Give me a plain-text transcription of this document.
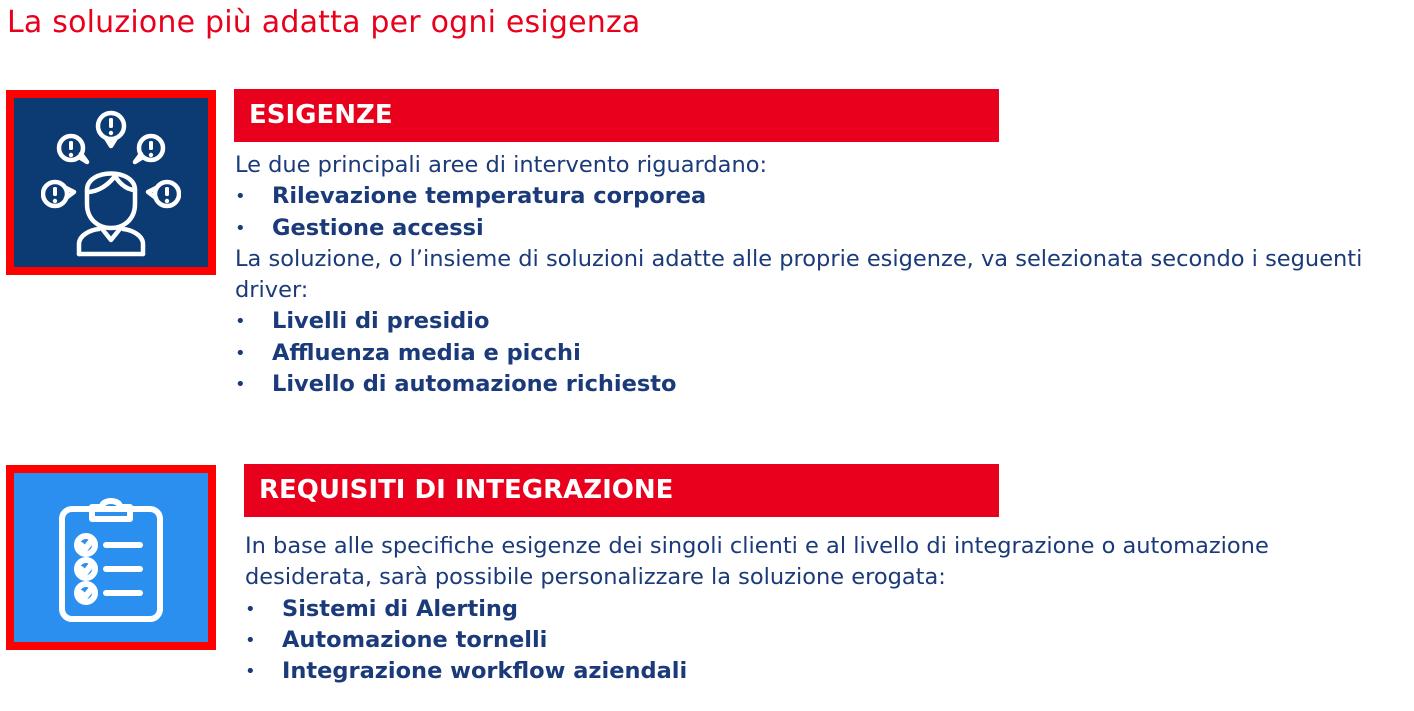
La soluzione più adatta per ogni esigenza
ESIGENZE

Le due principali aree di intervento riguardano:

• Rilevazione temperatura corporea
• Gestione accessi

La soluzione, o l’insieme di soluzioni adatte alle proprie esigenze, va selezionata secondo i seguenti driver:

• Livelli di presidio
• Affluenza media e picchi
• Livello di automazione richiesto
REQUISITI DI INTEGRAZIONE

In base alle specifiche esigenze dei singoli clienti e al livello di integrazione o automazione desiderata, sarà possibile personalizzare la soluzione erogata:

• Sistemi di Alerting
• Automazione tornelli
• Integrazione workflow aziendali
